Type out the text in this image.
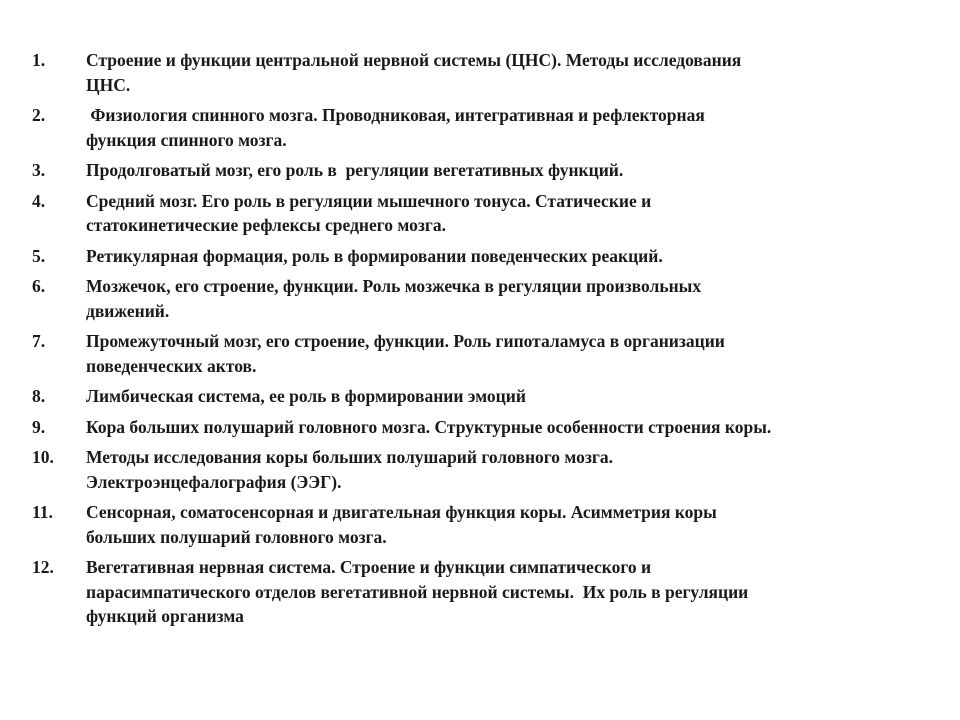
1.	Строение и функции центральной нервной системы (ЦНС). Методы исследования
ЦНС.
2.	Физиология спинного мозга. Проводниковая, интегративная и рефлекторная
функция спинного мозга.
3.	Продолговатый мозг, его роль в  регуляции вегетативных функций.
4.	Средний мозг. Его роль в регуляции мышечного тонуса. Статические и
статокинетические рефлексы среднего мозга.
5.	Ретикулярная формация, роль в формировании поведенческих реакций.
6.	Мозжечок, его строение, функции. Роль мозжечка в регуляции произвольных
движений.
7.	Промежуточный мозг, его строение, функции. Роль гипоталамуса в организации
поведенческих актов.
8.	Лимбическая система, ее роль в формировании эмоций
9.	Кора больших полушарий головного мозга. Структурные особенности строения коры.
10.	Методы исследования коры больших полушарий головного мозга.
Электроэнцефалография (ЭЭГ).
11.	Сенсорная, соматосенсорная и двигательная функция коры. Асимметрия коры
больших полушарий головного мозга.
12.	Вегетативная нервная система. Строение и функции симпатического и
парасимпатического отделов вегетативной нервной системы.  Их роль в регуляции
функций организма
